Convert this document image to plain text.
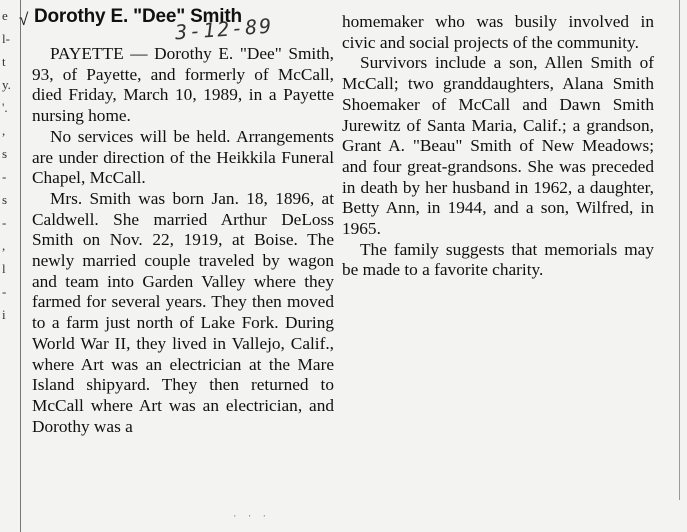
e
l-
t
y.
'.
,
s
-
s
-
,
l
-
i
√ Dorothy E. "Dee" Smith
3-12-89

PAYETTE — Dorothy E. "Dee" Smith, 93, of Payette, and formerly of McCall, died Friday, March 10, 1989, in a Payette nursing home.

No services will be held. Arrangements are under direction of the Heikkila Funeral Chapel, McCall.

Mrs. Smith was born Jan. 18, 1896, at Caldwell. She married Arthur DeLoss Smith on Nov. 22, 1919, at Boise. The newly married couple traveled by wagon and team into Garden Valley where they farmed for several years. They then moved to a farm just north of Lake Fork. During World War II, they lived in Vallejo, Calif., where Art was an electrician at the Mare Island shipyard. They then returned to McCall where Art was an electrician, and Dorothy was a

homemaker who was busily involved in civic and social projects of the community.

Survivors include a son, Allen Smith of McCall; two granddaughters, Alana Smith Shoemaker of McCall and Dawn Smith Jurewitz of Santa Maria, Calif.; a grandson, Grant A. "Beau" Smith of New Meadows; and four great-grandsons. She was preceded in death by her husband in 1962, a daughter, Betty Ann, in 1944, and a son, Wilfred, in 1965.

The family suggests that memorials may be made to a favorite charity.

· · ·
